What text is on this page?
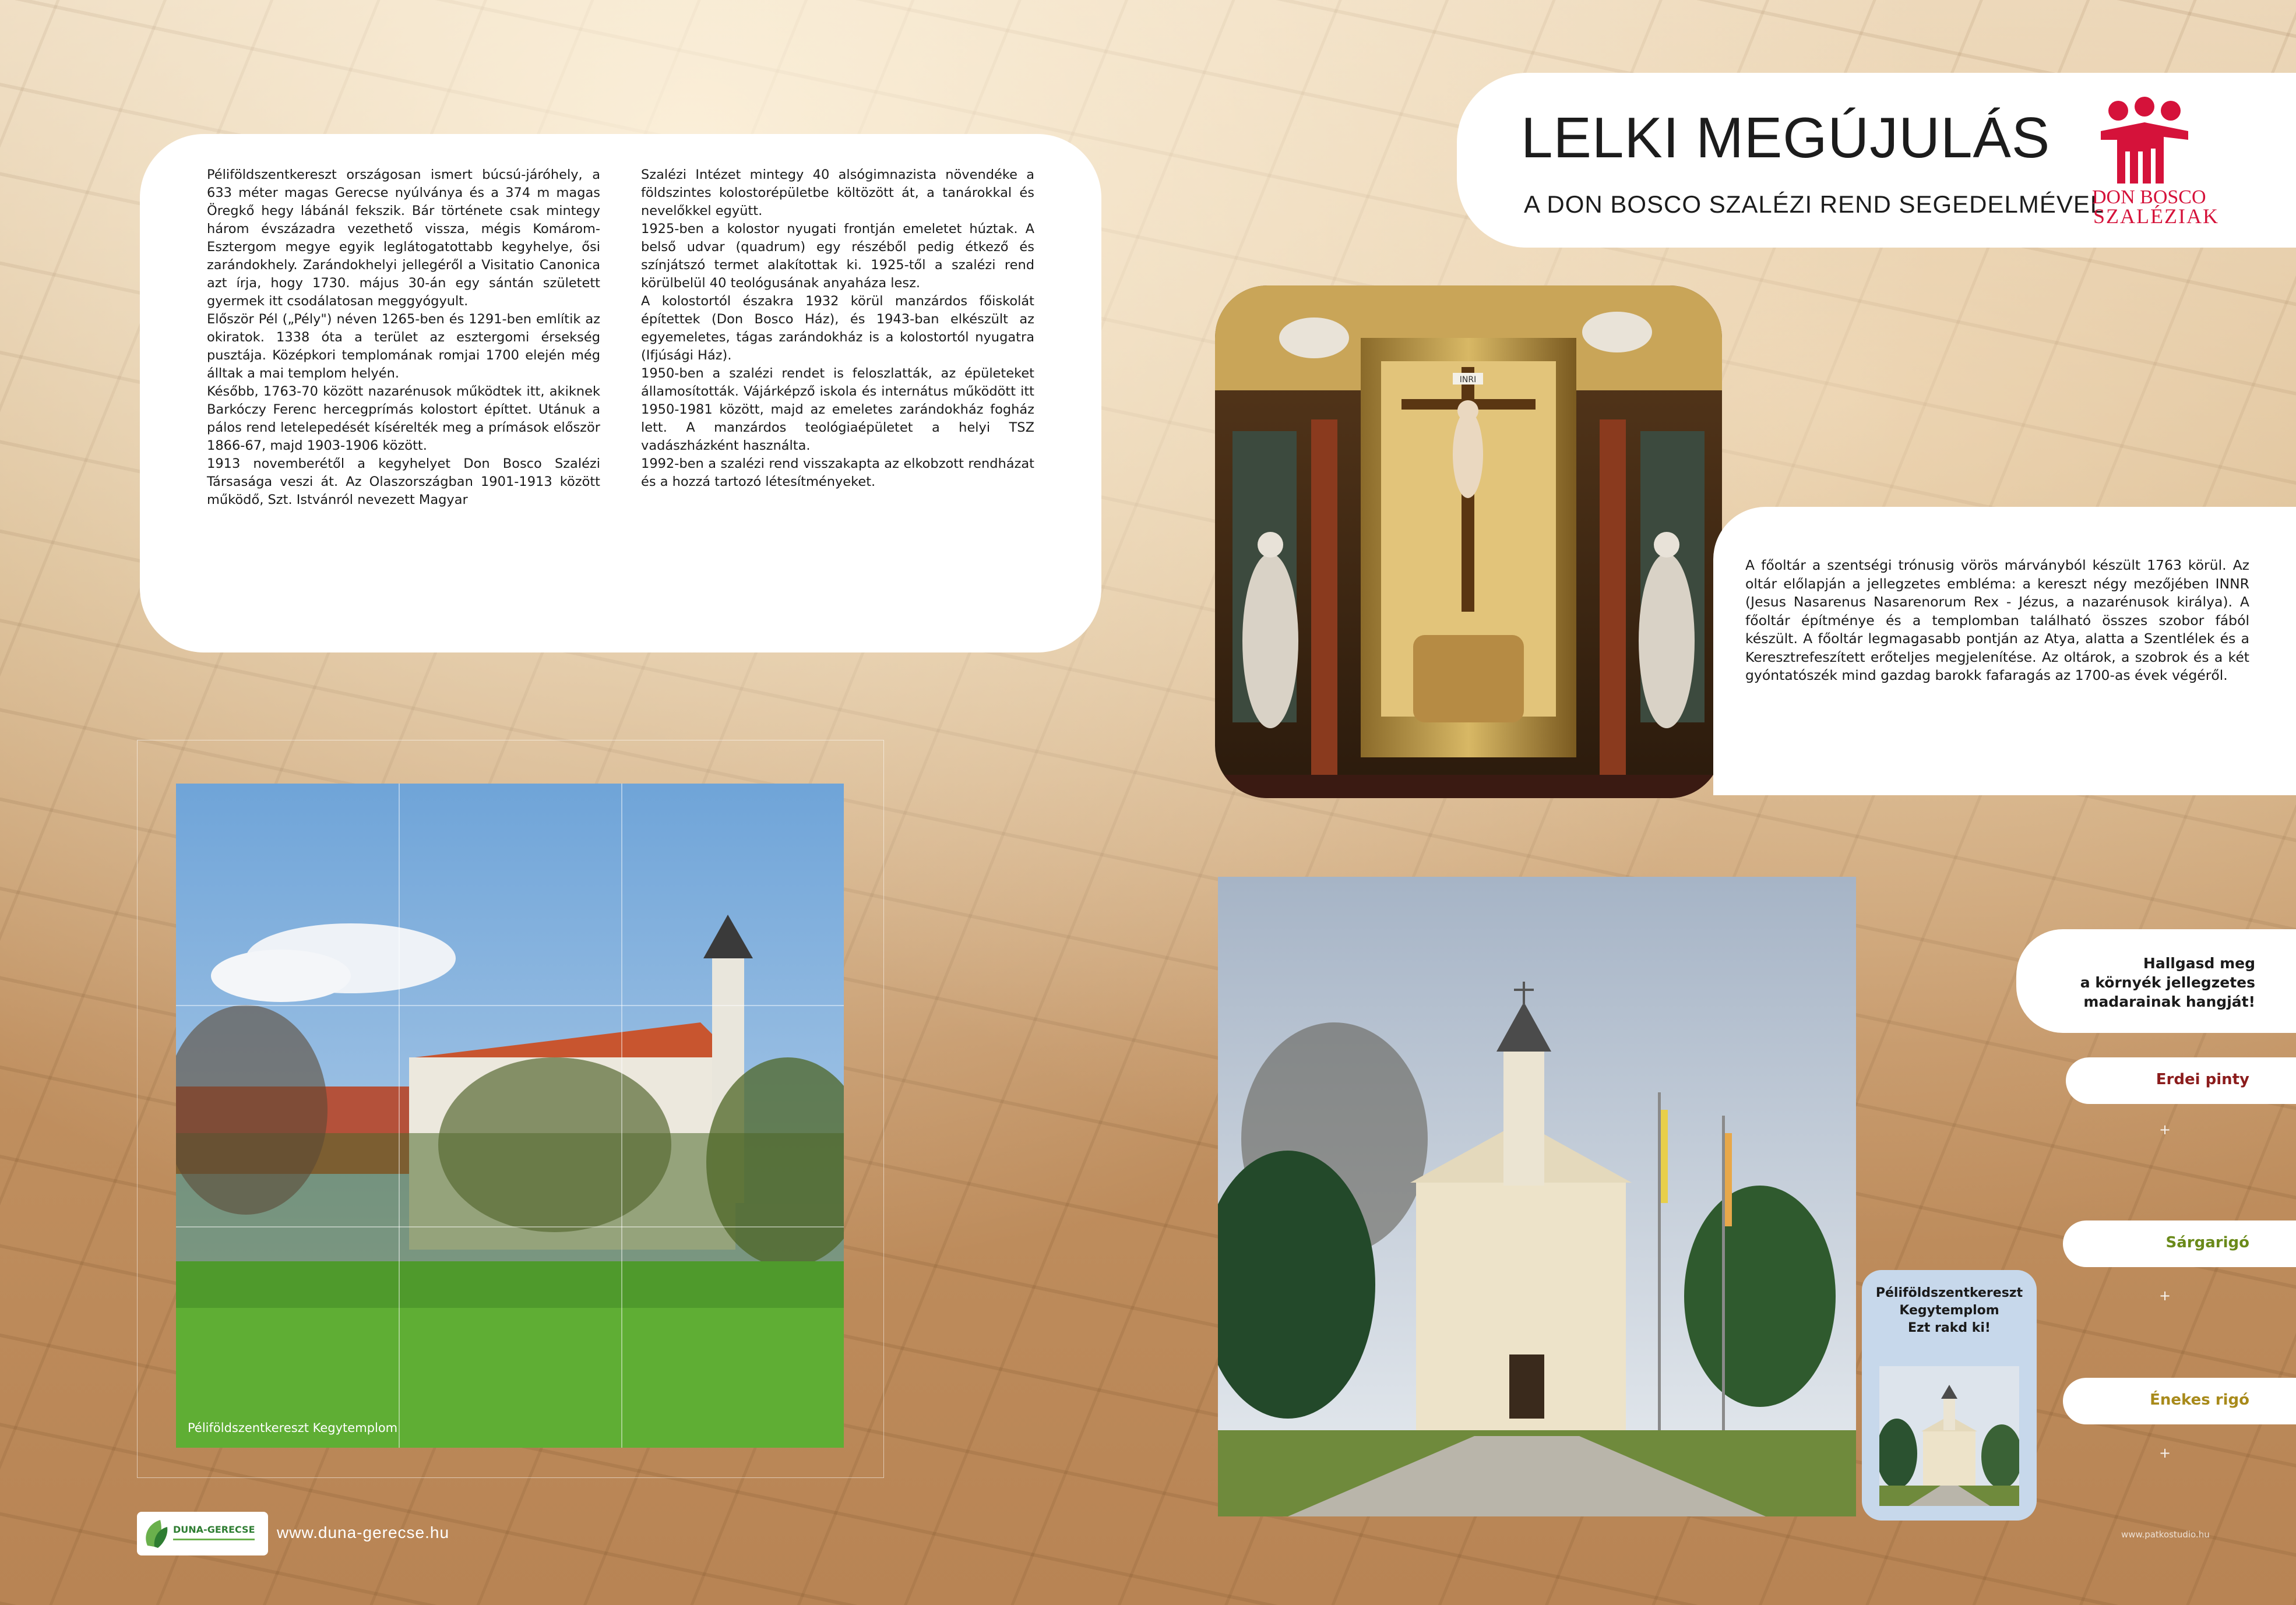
Péliföldszentkereszt országosan ismert búcsú-járóhely, a 633 méter magas Gerecse nyúlványa és a 374 m magas Öregkő hegy lábánál fekszik. Bár története csak mintegy három évszázadra vezethető vissza, mégis Komárom-Esztergom megye egyik leglátogatottabb kegyhelye, ősi zarándokhely. Zarándokhelyi jellegéről a Visitatio Canonica azt írja, hogy 1730. május 30-án egy sántán született gyermek itt csodálatosan meggyógyult.

Először Pél („Pély") néven 1265-ben és 1291-ben említik az okiratok. 1338 óta a terület az esztergomi érsekség pusztája. Középkori templomának romjai 1700 elején még álltak a mai templom helyén.

Később, 1763-70 között nazarénusok működtek itt, akiknek Barkóczy Ferenc hercegprímás kolostort építtet. Utánuk a pálos rend letelepedését kísérelték meg a prímások először 1866-67, majd 1903-1906 között.

1913 novemberétől a kegyhelyet Don Bosco Szalézi Társasága veszi át. Az Olaszországban 1901-1913 között működő, Szt. Istvánról nevezett Magyar

Szalézi Intézet mintegy 40 alsógimnazista növendéke a földszintes kolostorépületbe költözött át, a tanárokkal és nevelőkkel együtt.

1925-ben a kolostor nyugati frontján emeletet húztak. A belső udvar (quadrum) egy részéből pedig étkező és színjátszó termet alakítottak ki. 1925-től a szalézi rend körülbelül 40 teológusának anyaháza lesz.

A kolostortól északra 1932 körül manzárdos főiskolát építettek (Don Bosco Ház), és 1943-ban elkészült az egyemeletes, tágas zarándokház is a kolostortól nyugatra (Ifjúsági Ház).

1950-ben a szalézi rendet is feloszlatták, az épületeket államosították. Vájárképző iskola és internátus működött itt 1950-1981 között, majd az emeletes zarándokház fogház lett. A manzárdos teológiaépületet a helyi TSZ vadászházként használta.

1992-ben a szalézi rend visszakapta az elkobzott rendházat és a hozzá tartozó létesítményeket.

LELKI MEGÚJULÁS
A DON BOSCO SZALÉZI REND SEGEDELMÉVEL
DON BOSCO
SZALÉZIAK
INRI
A főoltár a szentségi trónusig vörös márványból készült 1763 körül. Az oltár előlapján a jellegzetes embléma: a kereszt négy mezőjében INNR (Jesus Nasarenus Nasarenorum Rex - Jézus, a nazarénusok királya). A főoltár építménye és a templomban található összes szobor fából készült. A főoltár legmagasabb pontján az Atya, alatta a Szentlélek és a Keresztrefeszített erőteljes megjelenítése. Az oltárok, a szobrok és a két gyóntatószék mind gazdag barokk fafaragás az 1700-as évek végéről.
Péliföldszentkereszt Kegytemplom
Hallgasd meg
a környék jellegzetes
madarainak hangját!
Erdei pinty
Sárgarigó
Énekes rigó
+
+
+
Péliföldszentkereszt
Kegytemplom
Ezt rakd ki!
DUNA-GERECSE www.duna-gerecse.hu	www.patkostudio.hu
